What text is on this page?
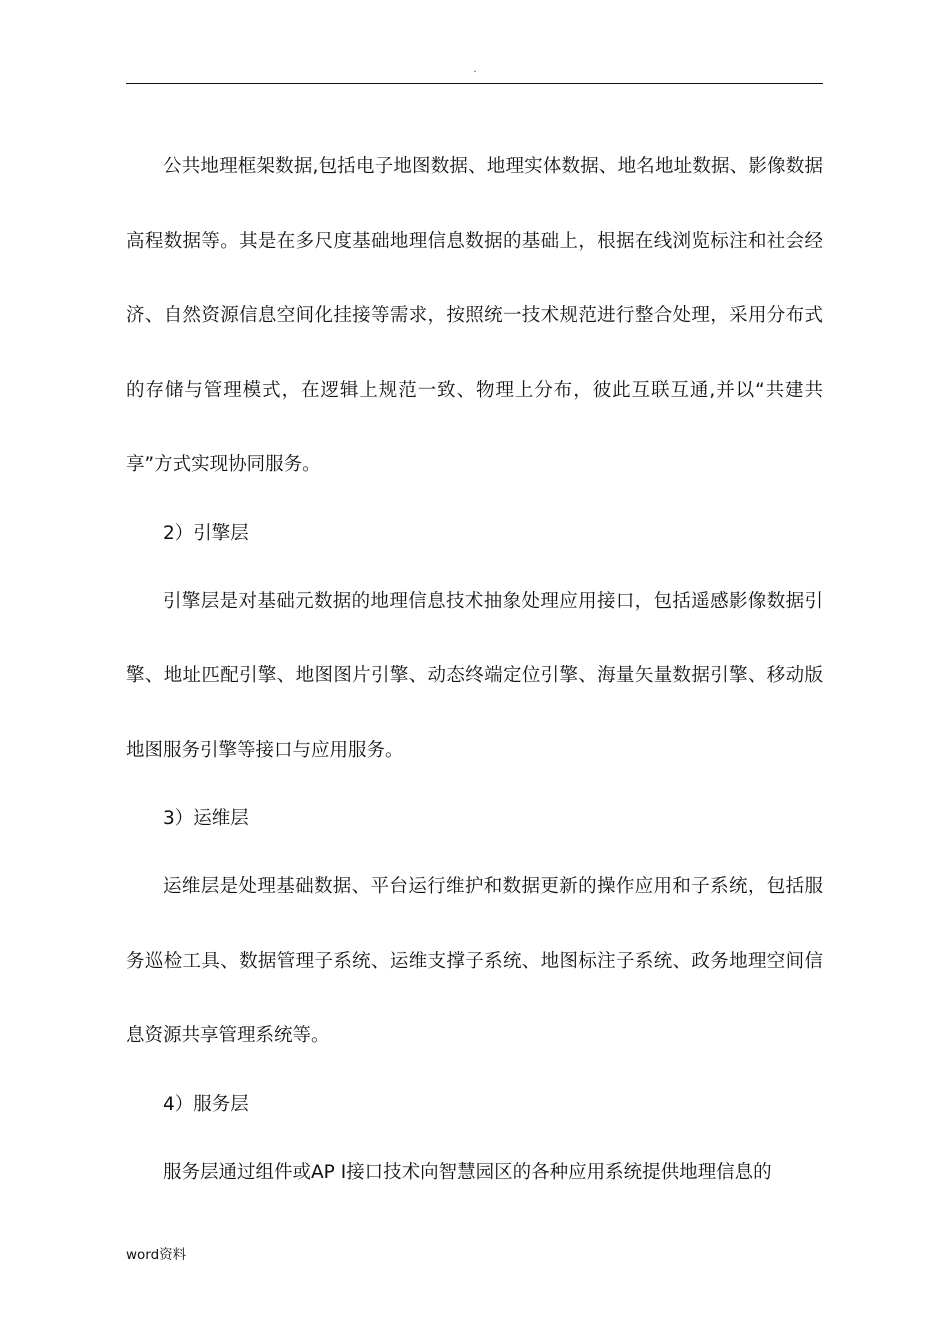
.

公共地理框架数据,包括电子地图数据、地理实体数据、地名地址数据、影像数据高程数据等。其是在多尺度基础地理信息数据的基础上，根据在线浏览标注和社会经济、自然资源信息空间化挂接等需求，按照统一技术规范进行整合处理，采用分布式的存储与管理模式，在逻辑上规范一致、物理上分布，彼此互联互通,并以“共建共享”方式实现协同服务。

2）引擎层

引擎层是对基础元数据的地理信息技术抽象处理应用接口，包括遥感影像数据引擎、地址匹配引擎、地图图片引擎、动态终端定位引擎、海量矢量数据引擎、移动版地图服务引擎等接口与应用服务。

3）运维层

运维层是处理基础数据、平台运行维护和数据更新的操作应用和子系统，包括服务巡检工具、数据管理子系统、运维支撑子系统、地图标注子系统、政务地理空间信息资源共享管理系统等。

4）服务层

服务层通过组件或AP Ⅰ接口技术向智慧园区的各种应用系统提供地理信息的

word资料
